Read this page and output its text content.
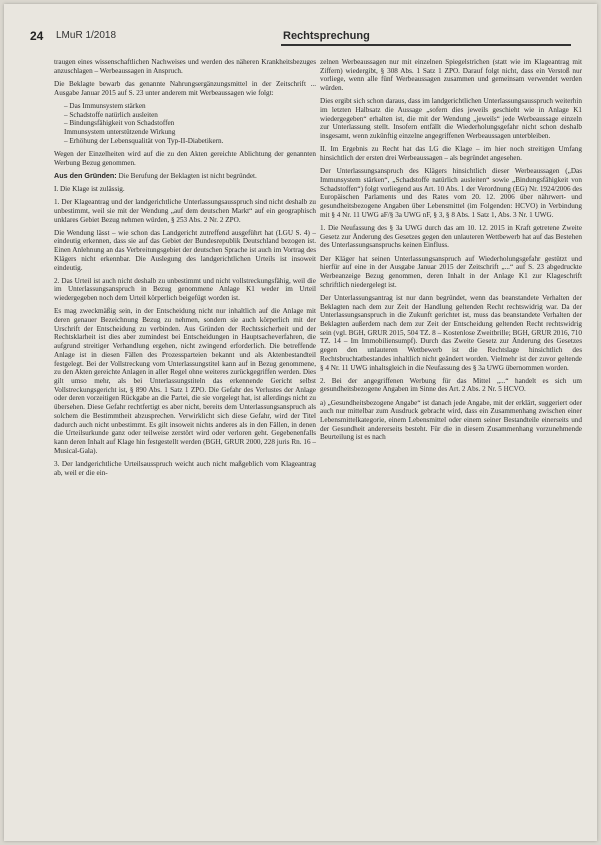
24 LMuR 1/2018	Rechtsprechung

traugen eines wissenschaftlichen Nachweises und werden des näheren Krankheitsbezuges anzuschlagen – Werbeaussagen in Anspruch.

Die Beklagte bewarb das genannte Nahrungsergänzungsmittel in der Zeitschrift ... Ausgabe Januar 2015 auf S. 23 unter anderem mit Werbeaussagen wie folgt:

– Das Immunsystem stärken
– Schadstoffe natürlich ausleiten
– Bindungsfähigkeit von Schadstoffen
Immunsystem unterstützende Wirkung
– Erhöhung der Lebensqualität von Typ-II-Diabetikern.

Wegen der Einzelheiten wird auf die zu den Akten gereichte Ablichtung der genannten Werbung Bezug genommen.

Aus den Gründen: Die Berufung der Beklagten ist nicht begründet.

I. Die Klage ist zulässig.

1. Der Klageantrag und der landgerichtliche Unterlassungsausspruch sind nicht deshalb zu unbestimmt, weil sie mit der Wendung „auf dem deutschen Markt“ auf ein geographisch unklares Gebiet Bezug nehmen würden, § 253 Abs. 2 Nr. 2 ZPO.

Die Wendung lässt – wie schon das Landgericht zutreffend ausgeführt hat (LGU S. 4) – eindeutig erkennen, dass sie auf das Gebiet der Bundesrepublik Deutschland bezogen ist. Einen Anlehnung an das Verbreitungsgebiet der deutschen Sprache ist auch im Vortrag des Klägers nicht erkennbar. Die Auslegung des landgerichtlichen Urteils ist insoweit eindeutig.

2. Das Urteil ist auch nicht deshalb zu unbestimmt und nicht vollstreckungsfähig, weil die im Unterlassungsanspruch in Bezug genommene Anlage K1 weder im Urteil wiedergegeben noch dem Urteil körperlich beigefügt worden ist.

Es mag zweckmäßig sein, in der Entscheidung nicht nur inhaltlich auf die Anlage mit deren genauer Bezeichnung Bezug zu nehmen, sondern sie auch körperlich mit der Urschrift der Entscheidung zu verbinden. Aus Gründen der Rechtssicherheit und der Rechtsklarheit ist dies aber zumindest bei Entscheidungen in Hauptsacheverfahren, die aufgrund streitiger Verhandlung ergehen, nicht zwingend erforderlich. Die betreffende Anlage ist in diesen Fällen des Prozessparteien bekannt und als Aktenbestandteil festgelegt. Bei der Vollstreckung vom Unterlassungstitel kann auf in Bezug genommene, zu den Akten gereichte Anlagen in aller Regel ohne weiteres zurückgegriffen werden. Dies gilt umso mehr, als bei Unterlassungstiteln das erkennende Gericht selbst Vollstreckungsgericht ist, § 890 Abs. 1 Satz 1 ZPO. Die Gefahr des Verlustes der Anlage oder deren vorzeitigen Rückgabe an die Partei, die sie vorgelegt hat, ist allerdings nicht zu übersehen. Diese Gefahr rechtfertigt es aber nicht, bereits dem Unterlassungsanspruch als solchem die Bestimmtheit abzusprechen. Verwirklicht sich diese Gefahr, wird der Titel dadurch auch nicht unbestimmt. Es gilt insoweit nichts anderes als in den Fällen, in denen die Urteilsurkunde ganz oder teilweise zerstört wird oder verloren geht. Gegebenenfalls kann deren Inhalt auf Klage hin festgestellt werden (BGH, GRUR 2000, 228 juris Rn. 16 – Musical-Gala).

3. Der landgerichtliche Urteilsausspruch weicht auch nicht maßgeblich vom Klageantrag ab, weil er die ein-

zelnen Werbeaussagen nur mit einzelnen Spiegelstrichen (statt wie im Klageantrag mit Ziffern) wiedergibt, § 308 Abs. 1 Satz 1 ZPO. Darauf folgt nicht, dass ein Verstoß nur vorliege, wenn alle fünf Werbeaussagen zusammen und gemeinsam verwendet werden würden.

Dies ergibt sich schon daraus, dass im landgerichtlichen Unterlassungsausspruch weiterhin im letzten Halbsatz die Aussage „sofern dies jeweils geschieht wie in Anlage K1 wiedergegeben“ erhalten ist, die mit der Wendung „jeweils“ jede Werbeaussage einzeln zur Unterlassung stellt. Insofern entfällt die Wiederholungsgefahr nicht schon deshalb insgesamt, wenn zukünftig einzelne angegriffenen Werbeaussagen unterbleiben.

II. Im Ergebnis zu Recht hat das LG die Klage – im hier noch streitigen Umfang hinsichtlich der ersten drei Werbeaussagen – als begründet angesehen.

Der Unterlassungsanspruch des Klägers hinsichtlich dieser Werbeaussagen („Das Immunsystem stärken“, „Schadstoffe natürlich ausleiten“ sowie „Bindungsfähigkeit von Schadstoffen“) folgt vorliegend aus Art. 10 Abs. 1 der Verordnung (EG) Nr. 1924/2006 des Europäischen Parlaments und des Rates vom 20. 12. 2006 über nährwert- und gesundheitsbezogene Angaben über Lebensmittel (im Folgenden: HCVO) in Verbindung mit § 4 Nr. 11 UWG aF/§ 3a UWG nF, § 3, § 8 Abs. 1 Satz 1, Abs. 3 Nr. 1 UWG.

1. Die Neufassung des § 3a UWG durch das am 10. 12. 2015 in Kraft getretene Zweite Gesetz zur Änderung des Gesetzes gegen den unlauteren Wettbewerb hat auf das Bestehen des Unterlassungsanspruchs keinen Einfluss.

Der Kläger hat seinen Unterlassungsanspruch auf Wiederholungsgefahr gestützt und hierfür auf eine in der Ausgabe Januar 2015 der Zeitschrift „...“ auf S. 23 abgedruckte Werbeanzeige Bezug genommen, deren Inhalt in der Anlage K1 zur Klageschrift schriftlich niedergelegt ist.

Der Unterlassungsantrag ist nur dann begründet, wenn das beanstandete Verhalten der Beklagten nach dem zur Zeit der Handlung geltenden Recht rechtswidrig war. Da der Unterlassungsanspruch in die Zukunft gerichtet ist, muss das beanstandete Verhalten der Beklagten außerdem nach dem zur Zeit der Entscheidung geltenden Recht rechtswidrig sein (vgl. BGH, GRUR 2015, 504 TZ. 8 – Kostenlose Zweitbrille; BGH, GRUR 2016, 710 TZ. 14 – Im Immobiliensumpf). Durch das Zweite Gesetz zur Änderung des Gesetzes gegen den unlauteren Wettbewerb ist die Rechtslage hinsichtlich des Rechtsbruchtatbestandes inhaltlich nicht geändert worden. Vielmehr ist der zuvor geltende § 4 Nr. 11 UWG inhaltsgleich in die Neufassung des § 3a UWG übernommen worden.

2. Bei der angegriffenen Werbung für das Mittel „...“ handelt es sich um gesundheitsbezogene Angaben im Sinne des Art. 2 Abs. 2 Nr. 5 HCVO.

a) „Gesundheitsbezogene Angabe“ ist danach jede Angabe, mit der erklärt, suggeriert oder auch nur mittelbar zum Ausdruck gebracht wird, dass ein Zusammenhang zwischen einer Lebensmittelkategorie, einem Lebensmittel oder einem seiner Bestandteile einerseits und der Gesundheit andererseits besteht. Für die in diesem Zusammenhang vorzunehmende Beurteilung ist es nach
